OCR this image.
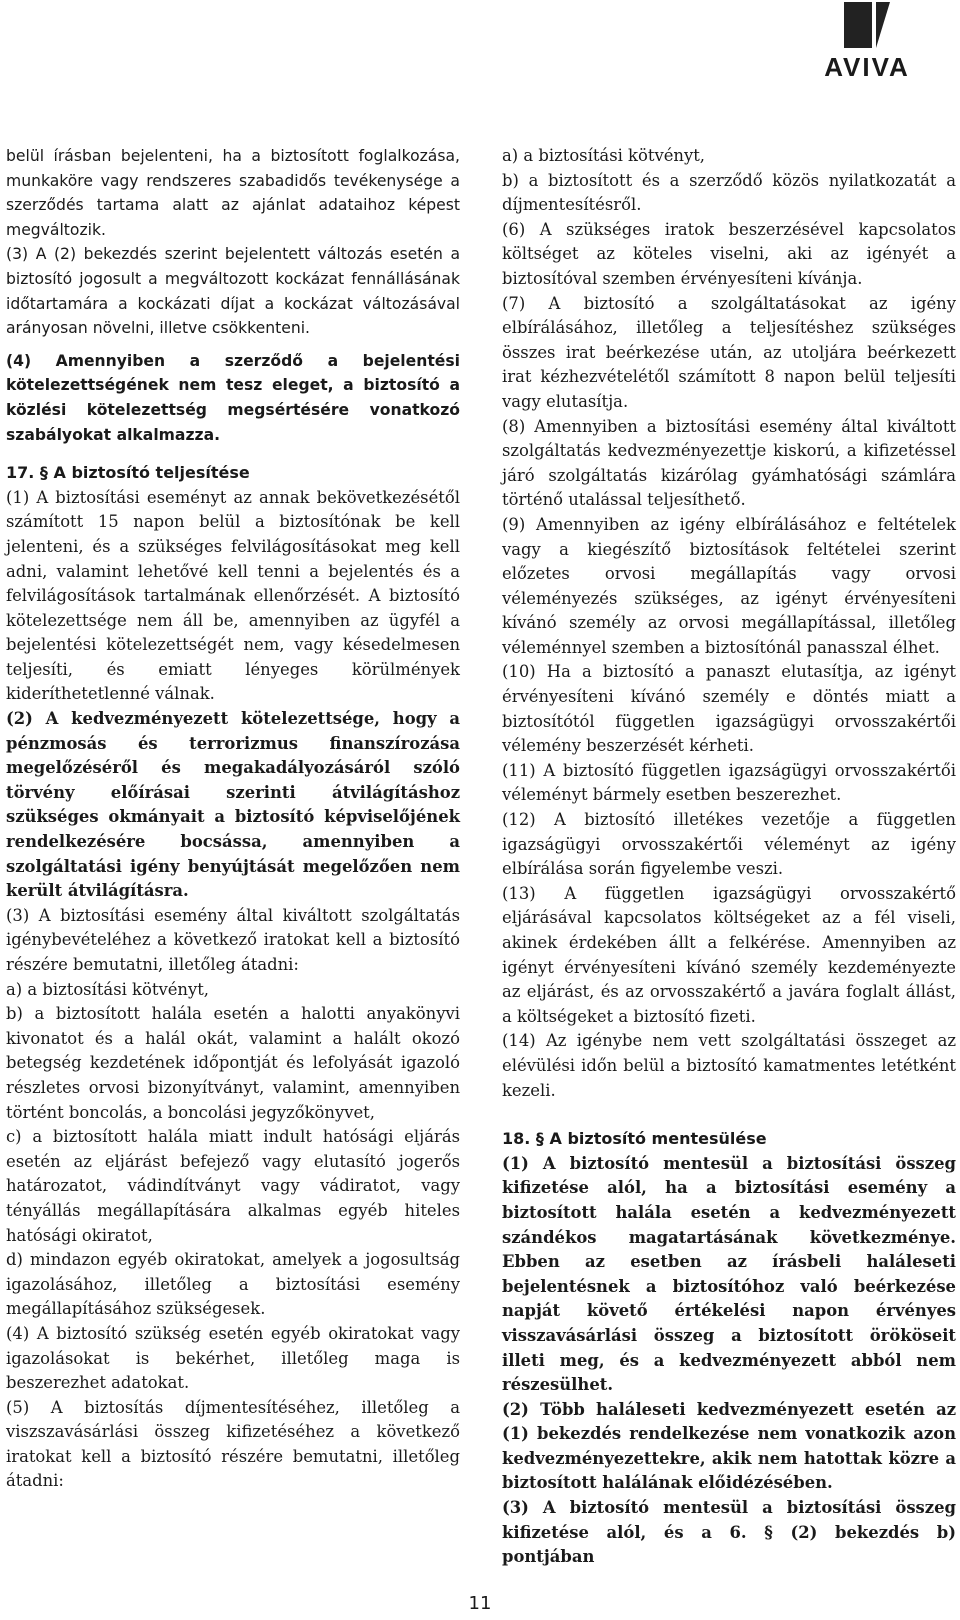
AVIVA

belül írásban bejelenteni, ha a biztosított foglalkozása, munkaköre vagy rendszeres szabadidős tevékenysége a szerződés tartama alatt az ajánlat adataihoz képest megváltozik.

(3) A (2) bekezdés szerint bejelentett változás esetén a biztosító jogosult a megváltozott kockázat fennállásának időtartamára a kockázati díjat a kockázat változásával arányosan növelni, illetve csökkenteni.

(4) Amennyiben a szerződő a bejelentési kötelezettségének nem tesz eleget, a biztosító a közlési kötelezettség megsértésére vonatkozó szabályokat alkalmazza.

17. § A biztosító teljesítése

(1) A biztosítási eseményt az annak bekövetkezésétől számított 15 napon belül a biztosítónak be kell jelenteni, és a szükséges felvilágosításokat meg kell adni, valamint lehetővé kell tenni a bejelentés és a felvilágosítások tartalmának ellenőrzését. A biztosító kötelezettsége nem áll be, amennyiben az ügyfél a bejelentési kötelezettségét nem, vagy késedelmesen teljesíti, és emiatt lényeges körülmények kideríthetetlenné válnak.

(2) A kedvezményezett kötelezettsége, hogy a pénzmosás és terrorizmus finanszírozása megelőzéséről és megakadályozásáról szóló törvény előírásai szerinti átvilágításhoz szükséges okmányait a biztosító képviselőjének rendelkezésére bocsássa, amennyiben a szolgáltatási igény benyújtását megelőzően nem került átvilágításra.

(3) A biztosítási esemény által kiváltott szolgáltatás igénybevételéhez a következő iratokat kell a biztosító részére bemutatni, illetőleg átadni:

a) a biztosítási kötvényt,

b) a biztosított halála esetén a halotti anyakönyvi kivonatot és a halál okát, valamint a halált okozó betegség kezdetének időpontját és lefolyását igazoló részletes orvosi bizonyítványt, valamint, amennyiben történt boncolás, a boncolási jegyzőkönyvet,

c) a biztosított halála miatt indult hatósági eljárás esetén az eljárást befejező vagy elutasító jogerős határozatot, vádindítványt vagy vádiratot, vagy tényállás megállapítására alkalmas egyéb hiteles hatósági okiratot,

d) mindazon egyéb okiratokat, amelyek a jogosultság igazolásához, illetőleg a biztosítási esemény megállapításához szükségesek.

(4) A biztosító szükség esetén egyéb okiratokat vagy igazolásokat is bekérhet, illetőleg maga is beszerezhet adatokat.

(5) A biztosítás díjmentesítéséhez, illetőleg a viszszavásárlási összeg kifizetéséhez a következő iratokat kell a biztosító részére bemutatni, illetőleg átadni:

a) a biztosítási kötvényt,

b) a biztosított és a szerződő közös nyilatkozatát a díjmentesítésről.

(6) A szükséges iratok beszerzésével kapcsolatos költséget az köteles viselni, aki az igényét a biztosítóval szemben érvényesíteni kívánja.

(7) A biztosító a szolgáltatásokat az igény elbírálásához, illetőleg a teljesítéshez szükséges összes irat beérkezése után, az utoljára beérkezett irat kézhezvételétől számított 8 napon belül teljesíti vagy elutasítja.

(8) Amennyiben a biztosítási esemény által kiváltott szolgáltatás kedvezményezettje kiskorú, a kifizetéssel járó szolgáltatás kizárólag gyámhatósági számlára történő utalással teljesíthető.

(9) Amennyiben az igény elbírálásához e feltételek vagy a kiegészítő biztosítások feltételei szerint előzetes orvosi megállapítás vagy orvosi véleményezés szükséges, az igényt érvényesíteni kívánó személy az orvosi megállapítással, illetőleg véleménnyel szemben a biztosítónál panasszal élhet.

(10) Ha a biztosító a panaszt elutasítja, az igényt érvényesíteni kívánó személy e döntés miatt a biztosítótól független igazságügyi orvosszakértői vélemény beszerzését kérheti.

(11) A biztosító független igazságügyi orvosszakértői véleményt bármely esetben beszerezhet.

(12) A biztosító illetékes vezetője a független igazságügyi orvosszakértői véleményt az igény elbírálása során figyelembe veszi.

(13) A független igazságügyi orvosszakértő eljárásával kapcsolatos költségeket az a fél viseli, akinek érdekében állt a felkérése. Amennyiben az igényt érvényesíteni kívánó személy kezdeményezte az eljárást, és az orvosszakértő a javára foglalt állást, a költségeket a biztosító fizeti.

(14) Az igénybe nem vett szolgáltatási összeget az elévülési időn belül a biztosító kamatmentes letétként kezeli.

18. § A biztosító mentesülése

(1) A biztosító mentesül a biztosítási összeg kifizetése alól, ha a biztosítási esemény a biztosított halála esetén a kedvezményezett szándékos magatartásának következménye. Ebben az esetben az írásbeli haláleseti bejelentésnek a biztosítóhoz való beérkezése napját követő értékelési napon érvényes visszavásárlási összeg a biztosított örököseit illeti meg, és a kedvezményezett abból nem részesülhet.

(2) Több haláleseti kedvezményezett esetén az (1) bekezdés rendelkezése nem vonatkozik azon kedvezményezettekre, akik nem hatottak közre a biztosított halálának előidézésében.

(3) A biztosító mentesül a biztosítási összeg kifizetése alól, és a 6. § (2) bekezdés b) pontjában

11
